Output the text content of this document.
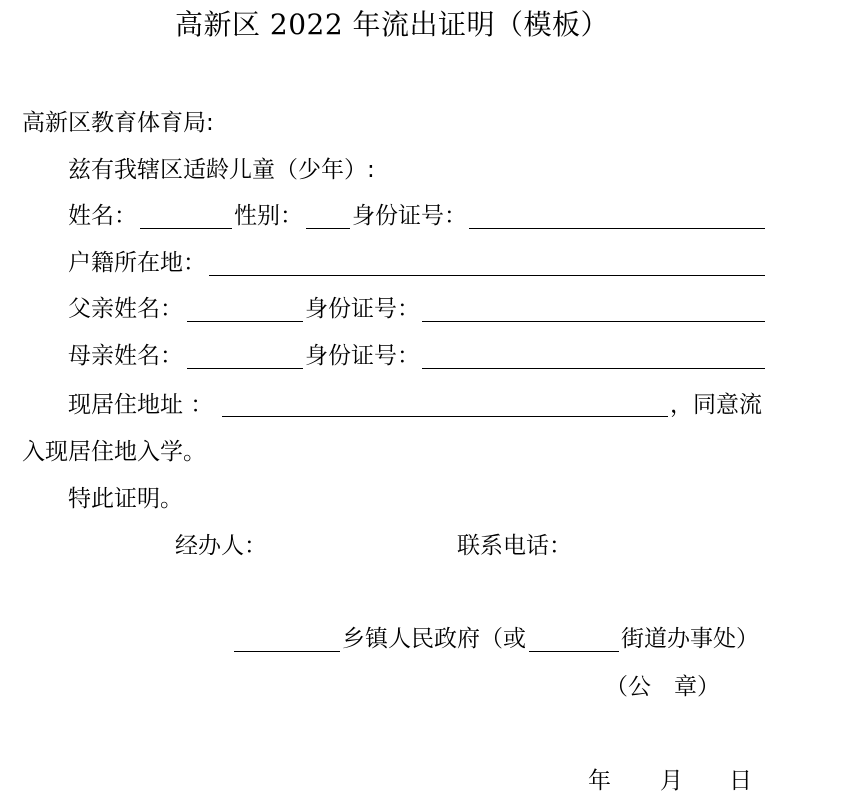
高新区 2022 年流出证明（模板）
高新区教育体育局:
兹有我辖区适龄儿童（少年）:
姓名：	性别： 身份证号：
户籍所在地：
父亲姓名：	身份证号：
母亲姓名：	身份证号：
现居住地址 ：	，同意流
入现居住地入学。
特此证明。
经办人：	联系电话：
乡镇人民政府（或	街道办事处）
（公　章）
年 月 日
